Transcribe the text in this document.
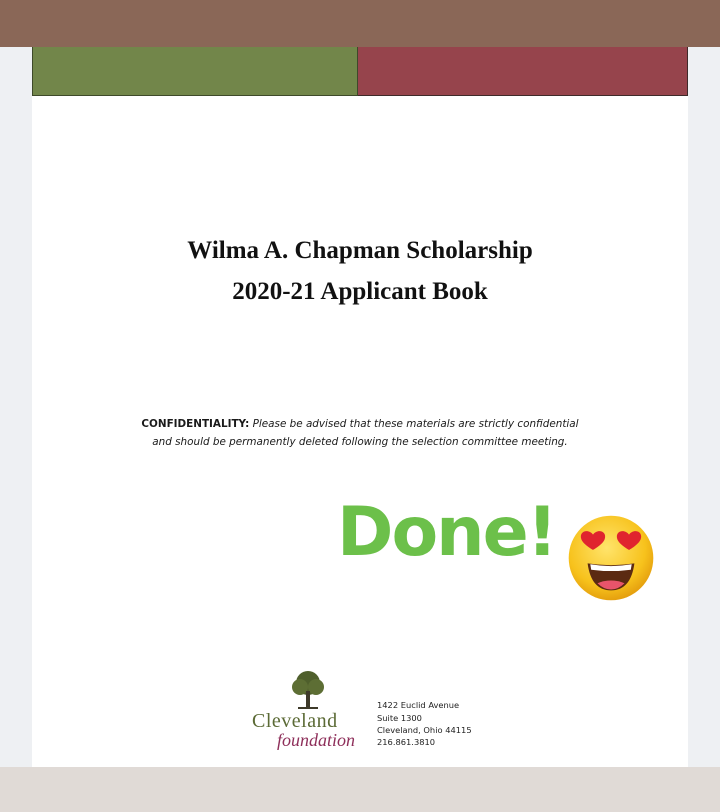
Wilma A. Chapman Scholarship
2020-21 Applicant Book
CONFIDENTIALITY: Please be advised that these materials are strictly confidential
and should be permanently deleted following the selection committee meeting.
Done!
Cleveland
foundation
1422 Euclid Avenue
Suite 1300
Cleveland, Ohio 44115
216.861.3810
